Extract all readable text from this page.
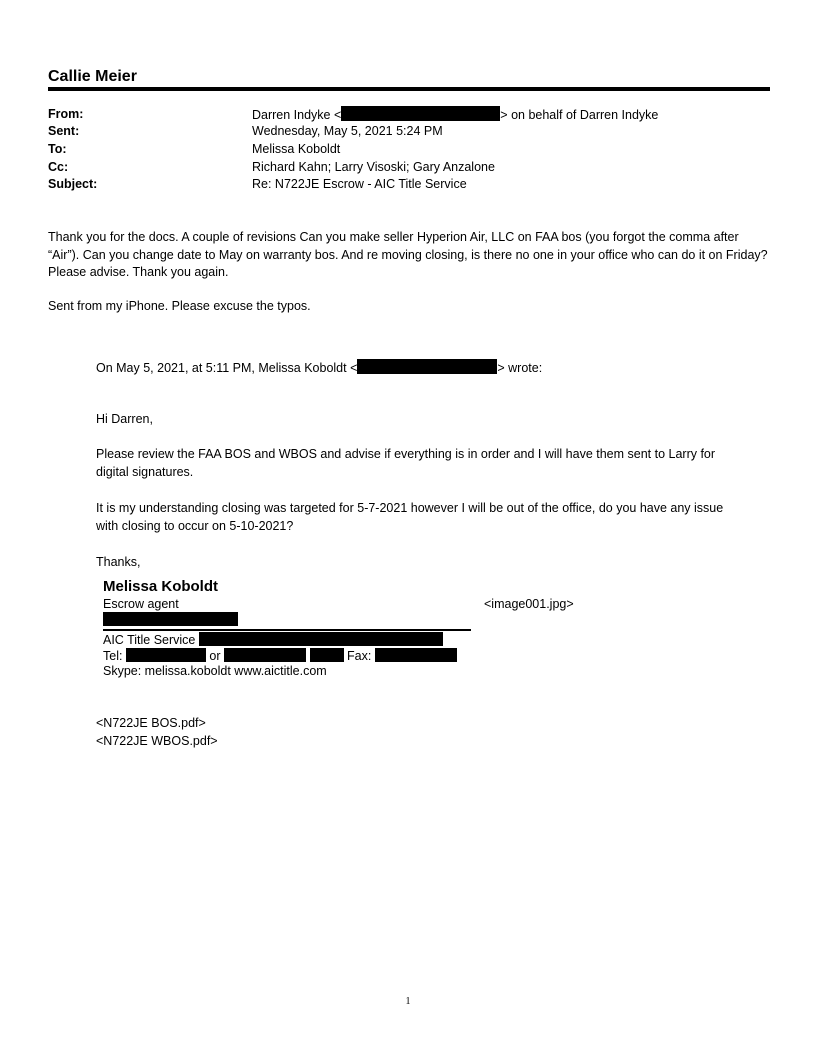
Callie Meier
From:	Darren Indyke <	> on behalf of Darren Indyke
Sent:	Wednesday, May 5, 2021 5:24 PM
To:	Melissa Koboldt
Cc:	Richard Kahn; Larry Visoski; Gary Anzalone
Subject:	Re: N722JE Escrow - AIC Title Service
Thank you for the docs. A couple of revisions Can you make seller Hyperion Air, LLC on FAA bos (you forgot the comma after “Air”). Can you change date to May on warranty bos. And re moving closing, is there no one in your office who can do it on Friday? Please advise. Thank you again.
Sent from my iPhone. Please excuse the typos.
On May 5, 2021, at 5:11 PM, Melissa Koboldt <	> wrote:
Hi Darren,
Please review the FAA BOS and WBOS and advise if everything is in order and I will have them sent to Larry for digital signatures.
It is my understanding closing was targeted for 5-7-2021 however I will be out of the office, do you have any issue with closing to occur on 5-10-2021?
Thanks,
Melissa Koboldt
Escrow agent
AIC Title Service
Tel:	or	Fax:
Skype: melissa.koboldt www.aictitle.com
<image001.jpg>
<N722JE BOS.pdf>
<N722JE WBOS.pdf>
1
